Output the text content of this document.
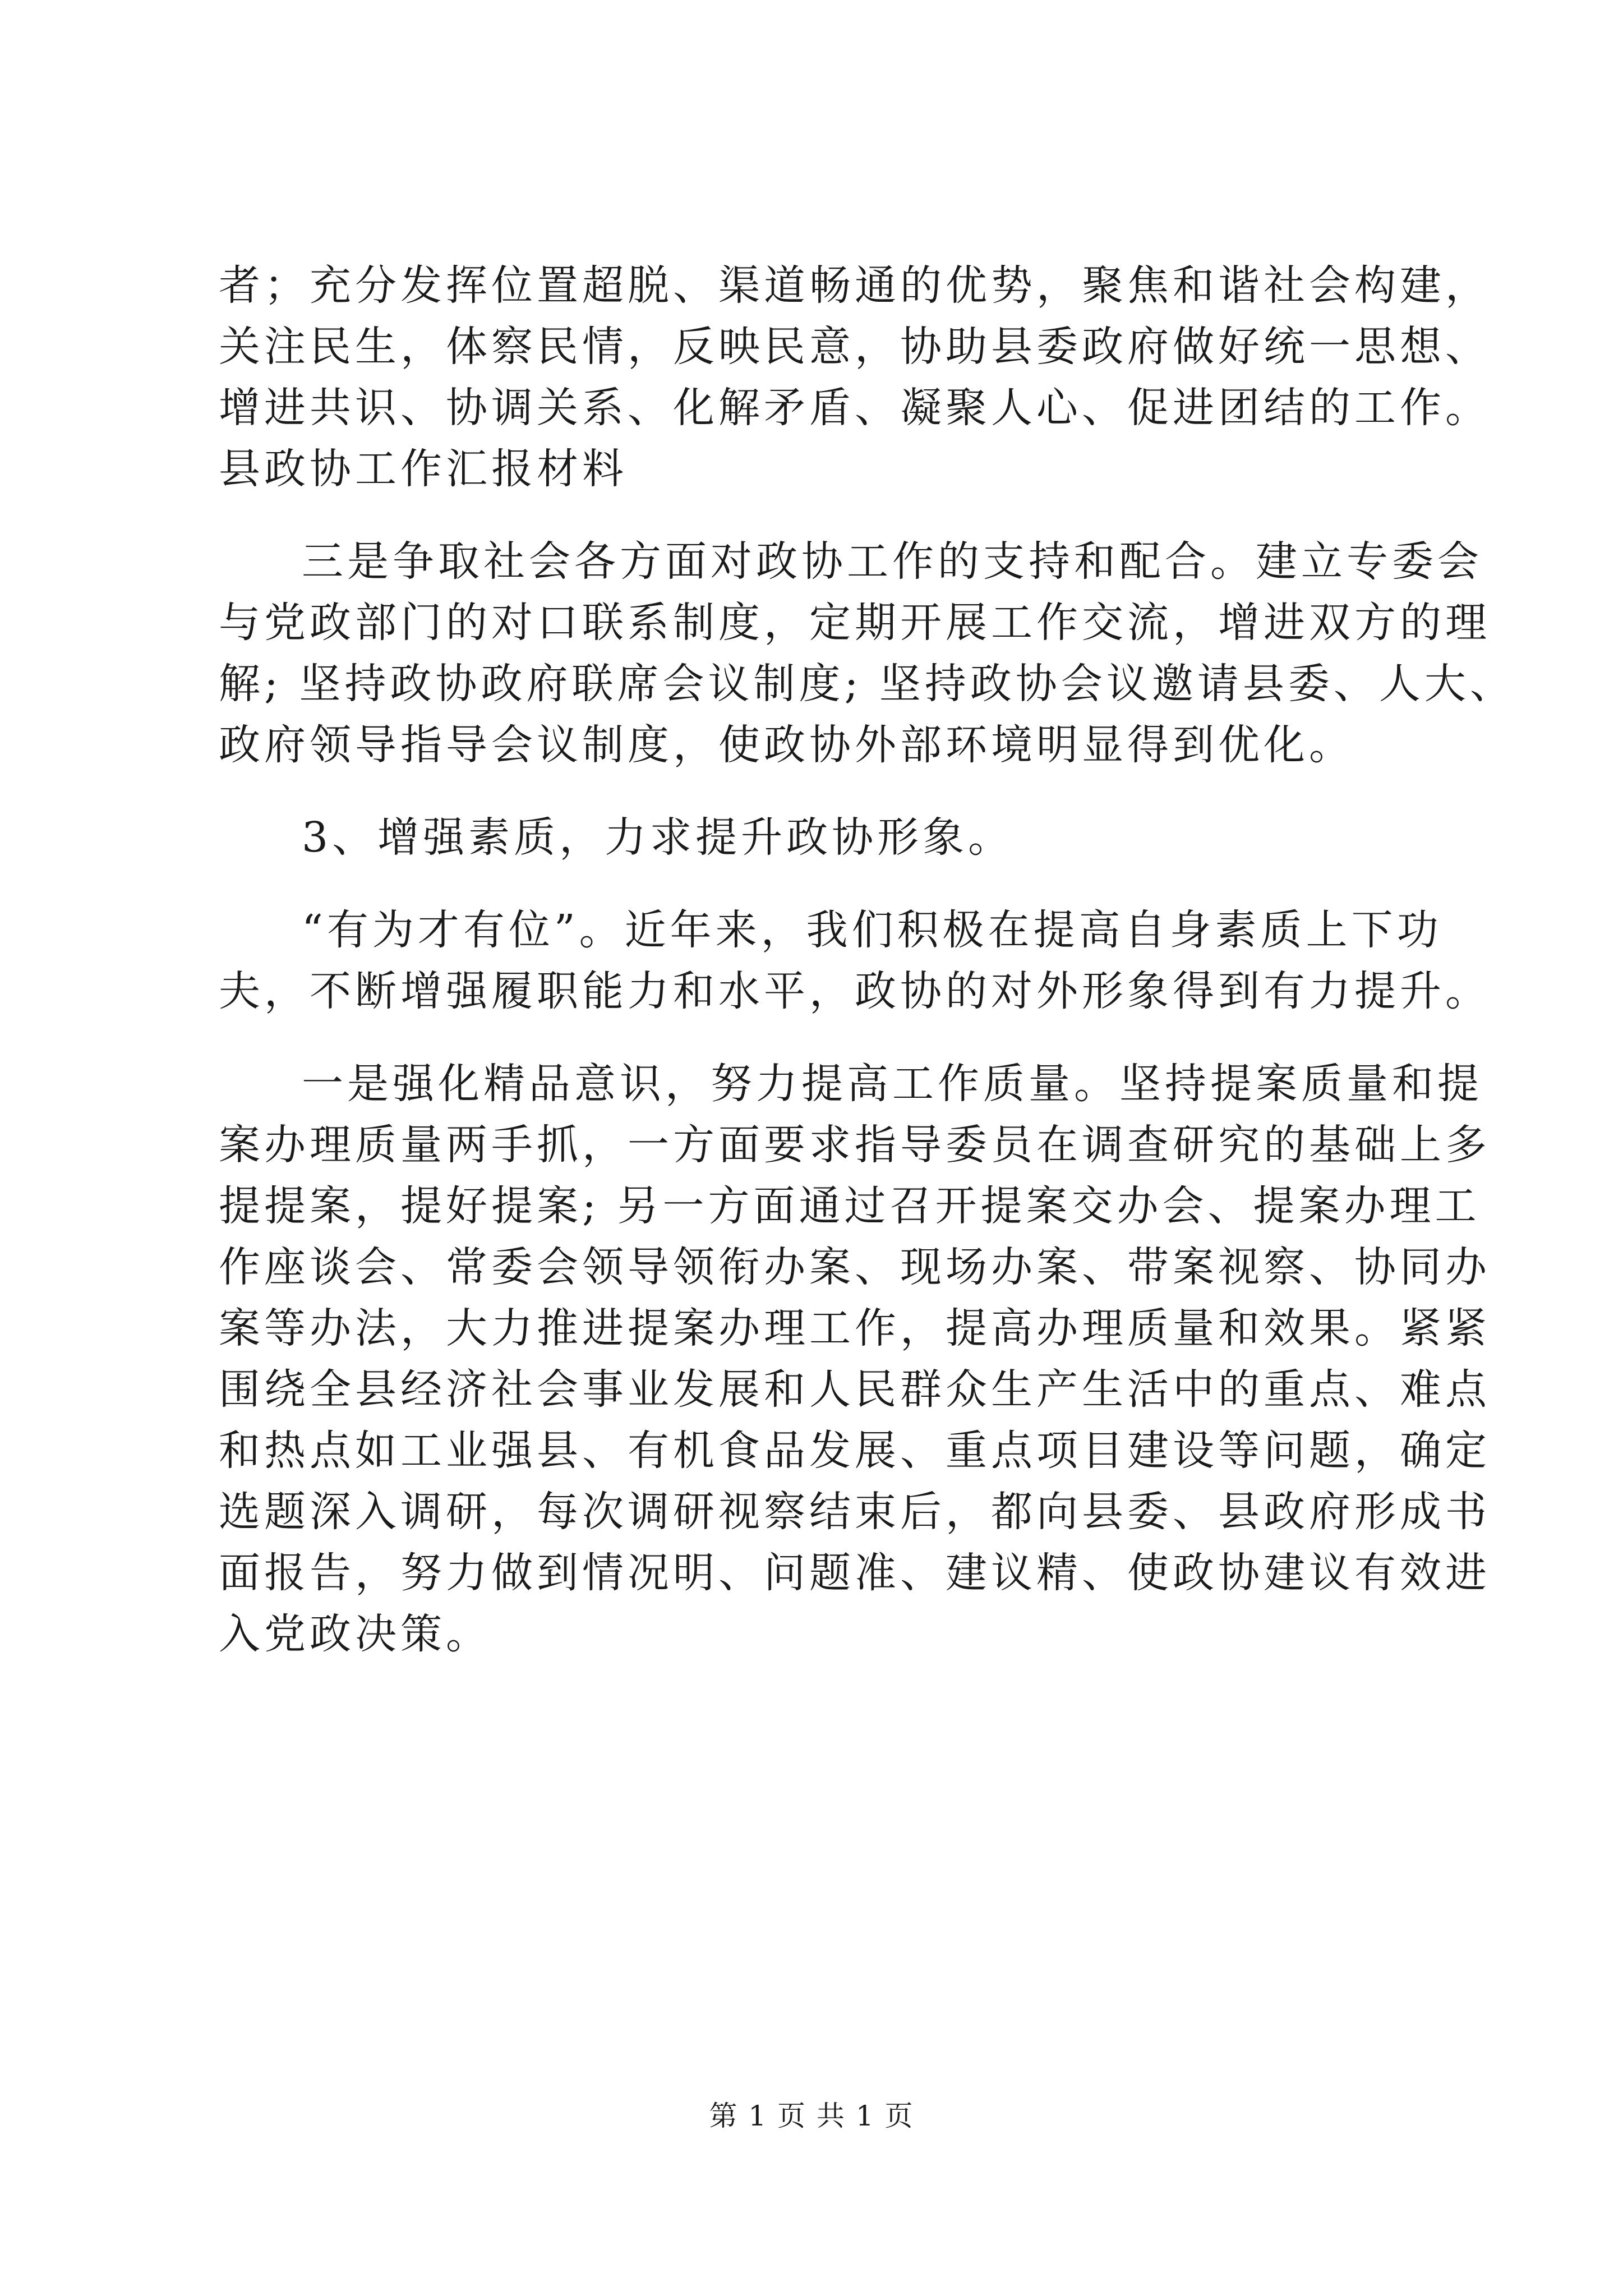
者；充分发挥位置超脱、渠道畅通的优势，聚焦和谐社会构建，
关注民生，体察民情，反映民意，协助县委政府做好统一思想、
增进共识、协调关系、化解矛盾、凝聚人心、促进团结的工作。
县政协工作汇报材料
三是争取社会各方面对政协工作的支持和配合。建立专委会
与党政部门的对口联系制度，定期开展工作交流，增进双方的理
解; 坚持政协政府联席会议制度; 坚持政协会议邀请县委、人大、
政府领导指导会议制度，使政协外部环境明显得到优化。
3、增强素质，力求提升政协形象。
“有为才有位”。近年来，我们积极在提高自身素质上下功
夫，不断增强履职能力和水平，政协的对外形象得到有力提升。
一是强化精品意识，努力提高工作质量。坚持提案质量和提
案办理质量两手抓，一方面要求指导委员在调查研究的基础上多
提提案，提好提案; 另一方面通过召开提案交办会、提案办理工
作座谈会、常委会领导领衔办案、现场办案、带案视察、协同办
案等办法，大力推进提案办理工作，提高办理质量和效果。紧紧
围绕全县经济社会事业发展和人民群众生产生活中的重点、难点
和热点如工业强县、有机食品发展、重点项目建设等问题，确定
选题深入调研，每次调研视察结束后，都向县委、县政府形成书
面报告，努力做到情况明、问题准、建议精、使政协建议有效进
入党政决策。
第 1 页 共 1 页
